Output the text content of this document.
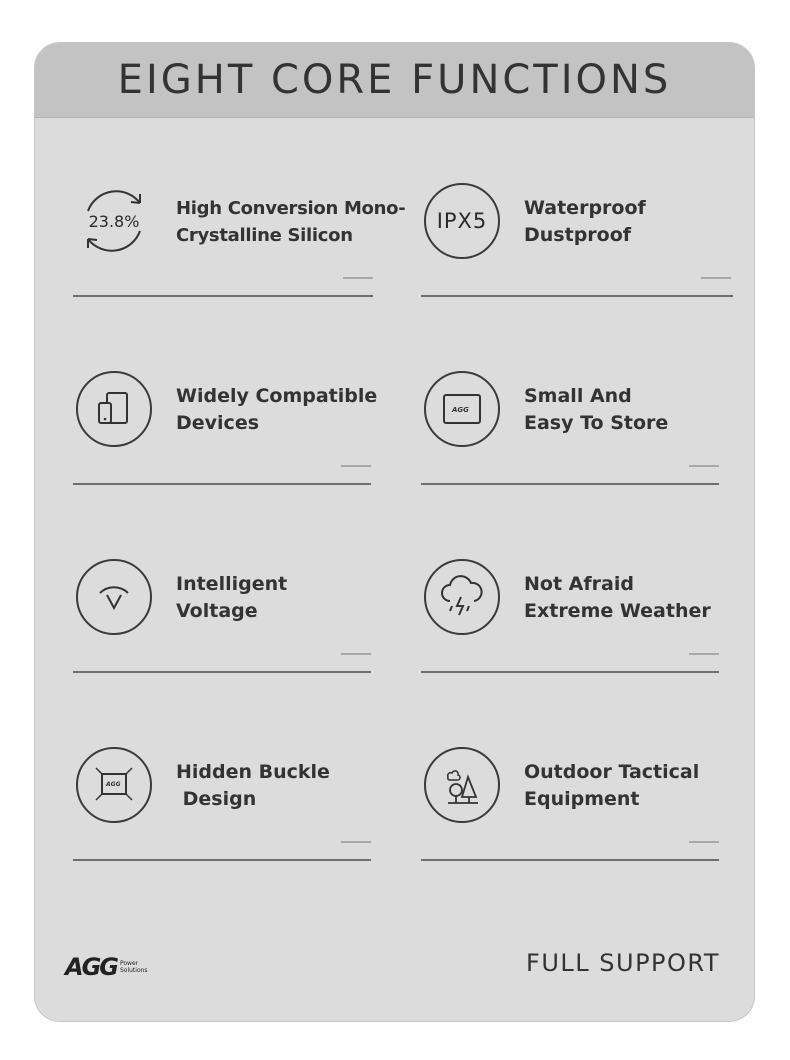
EIGHT CORE FUNCTIONS
23.8%
High Conversion Mono-
Crystalline Silicon
IPX5
Waterproof
Dustproof
Widely Compatible
Devices
AGG
Small And
Easy To Store
Intelligent
Voltage
Not Afraid
Extreme Weather
AGG
Hidden Buckle
Design
Outdoor Tactical
Equipment
AGG Power
Solutions	FULL SUPPORT
